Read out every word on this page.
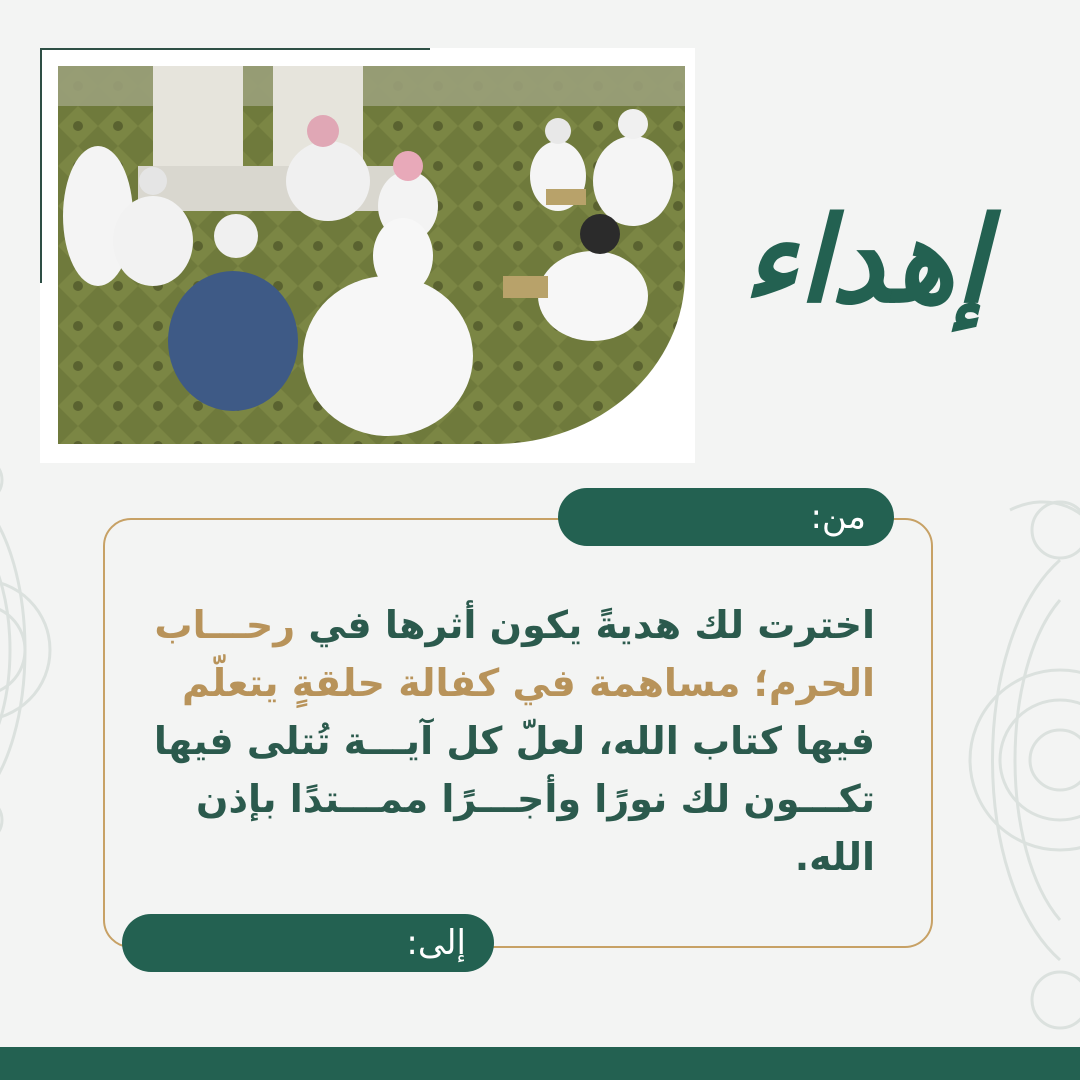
إهداء
من:
اخترت لك هديةً يكون أثرها في رحـــاب
الحرم؛ مساهمة في كفالة حلقةٍ يتعلّم
فيها كتاب الله، لعلّ كل آيـــة تُتلى فيها
تكـــون لك نورًا وأجـــرًا ممـــتدًا بإذن الله.
إلى:
